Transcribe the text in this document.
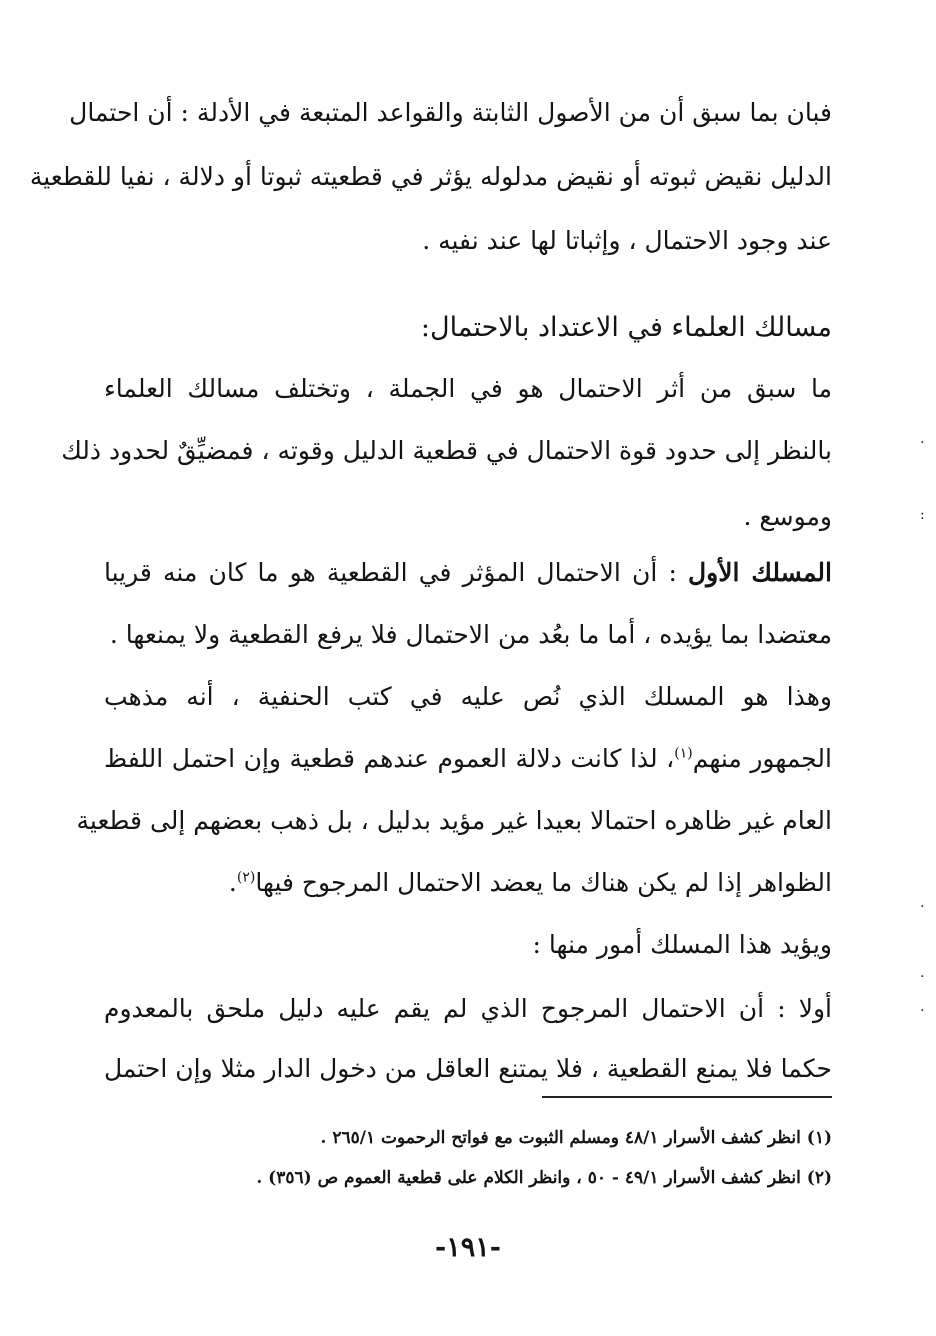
فبان بما سبق أن من الأصول الثابتة والقواعد المتبعة في الأدلة : أن احتمال
الدليل نقيض ثبوته أو نقيض مدلوله يؤثر في قطعيته ثبوتا أو دلالة ، نفيا للقطعية
عند وجود الاحتمال ، وإثباتا لها عند نفيه .
مسالك العلماء في الاعتداد بالاحتمال:
ما سبق من أثر الاحتمال هو في الجملة ، وتختلف مسالك العلماء
بالنظر إلى حدود قوة الاحتمال في قطعية الدليل وقوته ، فمضيِّقٌ لحدود ذلك
وموسع .
المسلك الأول : أن الاحتمال المؤثر في القطعية هو ما كان منه قريبا
معتضدا بما يؤيده ، أما ما بعُد من الاحتمال فلا يرفع القطعية ولا يمنعها .
وهذا هو المسلك الذي نُص عليه في كتب الحنفية ، أنه مذهب
الجمهور منهم$^{(١)}$، لذا كانت دلالة العموم عندهم قطعية وإن احتمل اللفظ
العام غير ظاهره احتمالا بعيدا غير مؤيد بدليل ، بل ذهب بعضهم إلى قطعية
الظواهر إذا لم يكن هناك ما يعضد الاحتمال المرجوح فيها$^{(٢)}$.
ويؤيد هذا المسلك أمور منها :
أولا : أن الاحتمال المرجوح الذي لم يقم عليه دليل ملحق بالمعدوم
حكما فلا يمنع القطعية ، فلا يمتنع العاقل من دخول الدار مثلا وإن احتمل
(١) انظر كشف الأسرار ٤٨/١ ومسلم الثبوت مع فواتح الرحموت ٢٦٥/١ .
(٢) انظر كشف الأسرار ٤٩/١ - ٥٠ ، وانظر الكلام على قطعية العموم ص (٣٥٦) .
-١٩١-
.
:
.
.
.
